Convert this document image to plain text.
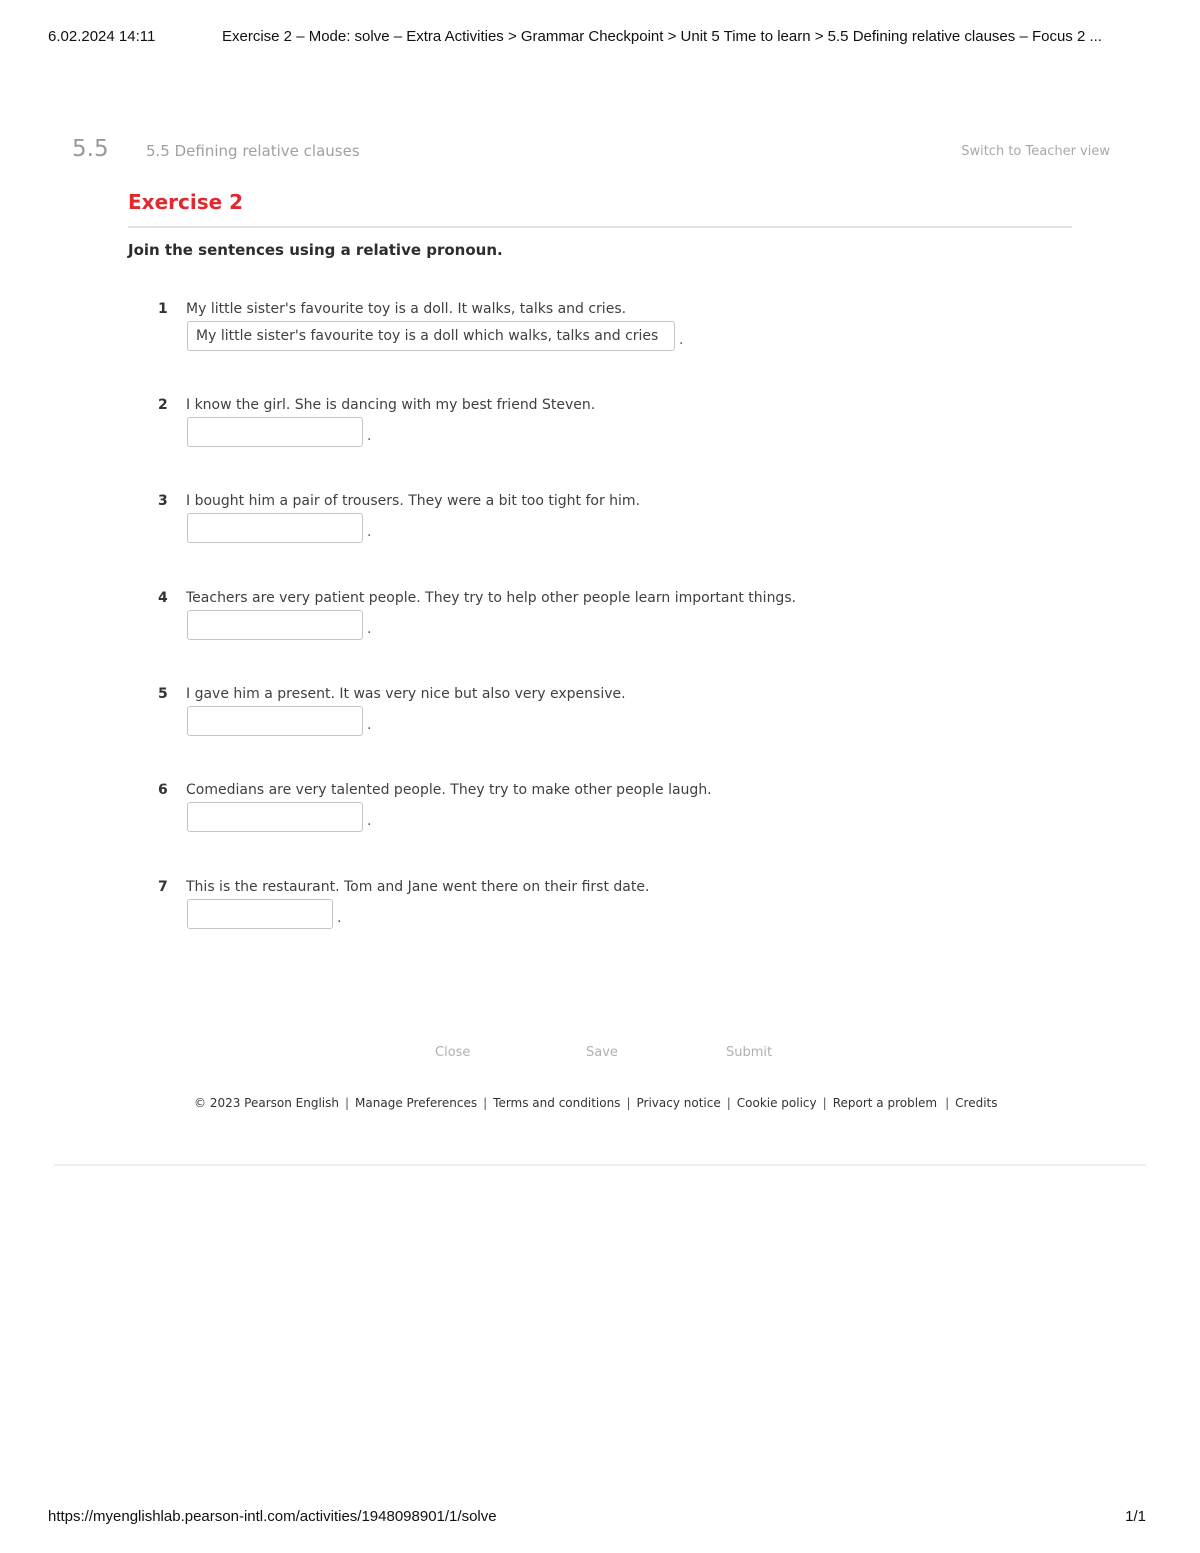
6.02.2024 14:11	Exercise 2 – Mode: solve – Extra Activities > Grammar Checkpoint > Unit 5 Time to learn > 5.5 Defining relative clauses – Focus 2 ...
5.5 5.5 Defining relative clauses	Switch to Teacher view
Exercise 2
Join the sentences using a relative pronoun.
1	My little sister's favourite toy is a doll. It walks, talks and cries.
My little sister's favourite toy is a doll which walks, talks and cries
.
2	I know the girl. She is dancing with my best friend Steven.
.
3	I bought him a pair of trousers. They were a bit too tight for him.
.
4	Teachers are very patient people. They try to help other people learn important things.
.
5	I gave him a present. It was very nice but also very expensive.
.
6	Comedians are very talented people. They try to make other people laugh.
.
7	This is the restaurant. Tom and Jane went there on their first date.
.
Close	Save	Submit
© 2023 Pearson English | Manage Preferences | Terms and conditions | Privacy notice | Cookie policy | Report a problem | Credits
https://myenglishlab.pearson-intl.com/activities/1948098901/1/solve	1/1
